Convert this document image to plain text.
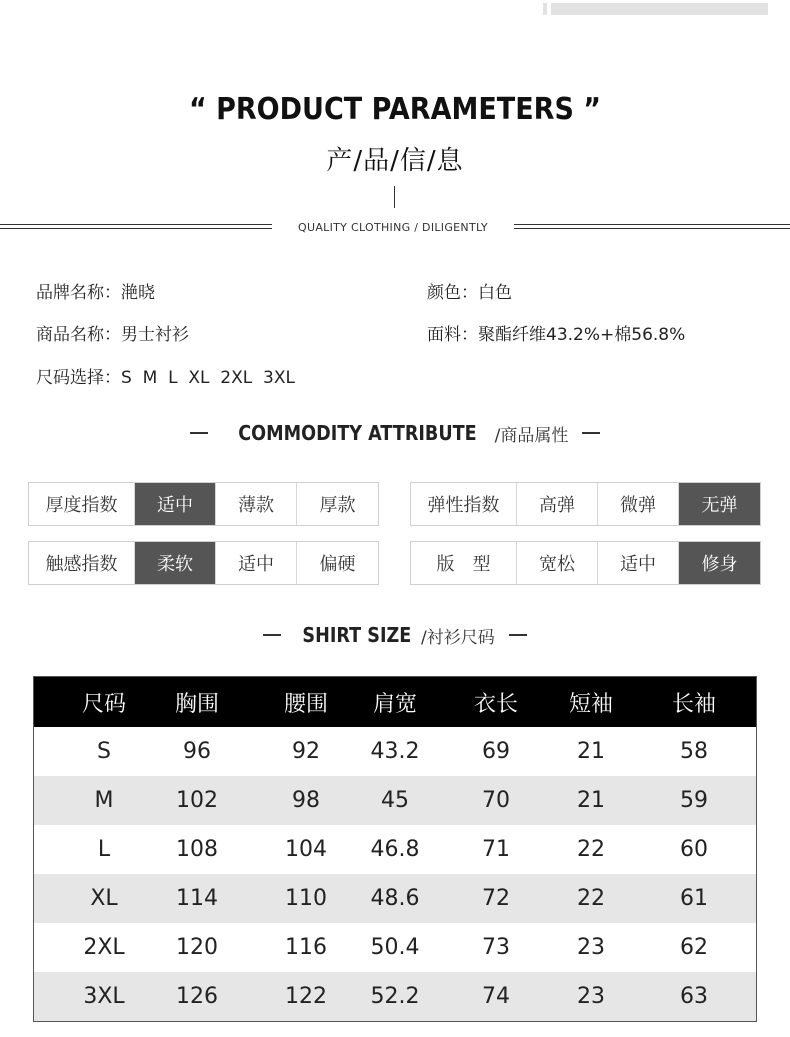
“ PRODUCT PARAMETERS ”
产/品/信/息
QUALITY CLOTHING / DILIGENTLY
品牌名称：滟晓	颜色：白色
商品名称：男士衬衫	面料：聚酯纤维43.2%+棉56.8%
尺码选择：S  M  L  XL  2XL  3XL
COMMODITY ATTRIBUTE /商品属性
厚度指数	适中	薄款	厚款	弹性指数	高弹	微弹	无弹
触感指数	柔软	适中	偏硬	版　型	宽松	适中	修身
SHIRT SIZE /衬衫尺码
尺码	胸围	腰围	肩宽	衣长	短袖	长袖
S	96	92	43.2	69	21	58
M	102	98	45	70	21	59
L	108	104	46.8	71	22	60
XL	114	110	48.6	72	22	61
2XL	120	116	50.4	73	23	62
3XL	126	122	52.2	74	23	63
